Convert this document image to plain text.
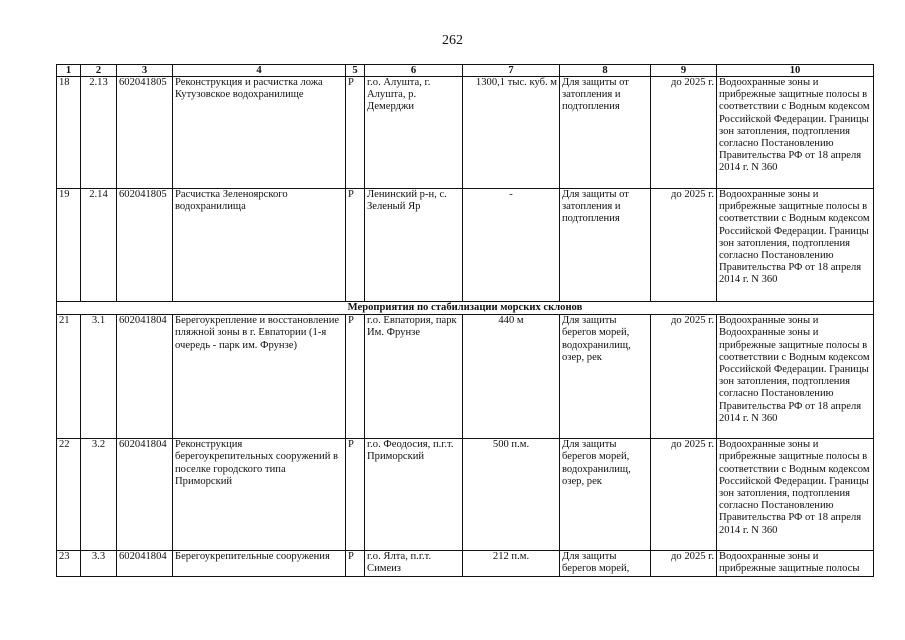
262
1	2	3	4	5	6	7	8	9	10
18	2.13	602041805	Реконструкция и расчистка ложа Кутузовское водохранилище	Р	г.о. Алушта, г. Алушта, р. Демерджи	1300,1 тыс. куб. м	Для защиты от затопления и подтопления	до 2025 г.	Водоохранные зоны и прибрежные защитные полосы в соответствии с Водным кодексом Российской Федерации. Границы зон затопления, подтопления согласно Постановлению Правительства РФ от 18 апреля 2014 г. N 360
19	2.14	602041805	Расчистка Зеленоярского водохранилища	Р	Ленинский р-н, с. Зеленый Яр	-	Для защиты от затопления и подтопления	до 2025 г.	Водоохранные зоны и прибрежные защитные полосы в соответствии с Водным кодексом Российской Федерации. Границы зон затопления, подтопления согласно Постановлению Правительства РФ от 18 апреля 2014 г. N 360
Мероприятия по стабилизации морских склонов									
21	3.1	602041804	Берегоукрепление и восстановление пляжной зоны в г. Евпатории (1-я очередь - парк им. Фрунзе)	Р	г.о. Евпатория, парк Им. Фрунзе	440 м	Для защиты берегов морей, водохранилищ, озер, рек	до 2025 г.	Водоохранные зоны и Водоохранные зоны и прибрежные защитные полосы в соответствии с Водным кодексом Российской Федерации. Границы зон затопления, подтопления согласно Постановлению Правительства РФ от 18 апреля 2014 г. N 360
22	3.2	602041804	Реконструкция берегоукрепительных сооружений в поселке городского типа Приморский	Р	г.о. Феодосия, п.г.т. Приморский	500 п.м.	Для защиты берегов морей, водохранилищ, озер, рек	до 2025 г.	Водоохранные зоны и прибрежные защитные полосы в соответствии с Водным кодексом Российской Федерации. Границы зон затопления, подтопления согласно Постановлению Правительства РФ от 18 апреля 2014 г. N 360
23	3.3	602041804	Берегоукрепительные сооружения	Р	г.о. Ялта, п.г.т. Симеиз	212 п.м.	Для защиты берегов морей,	до 2025 г.	Водоохранные зоны и прибрежные защитные полосы
